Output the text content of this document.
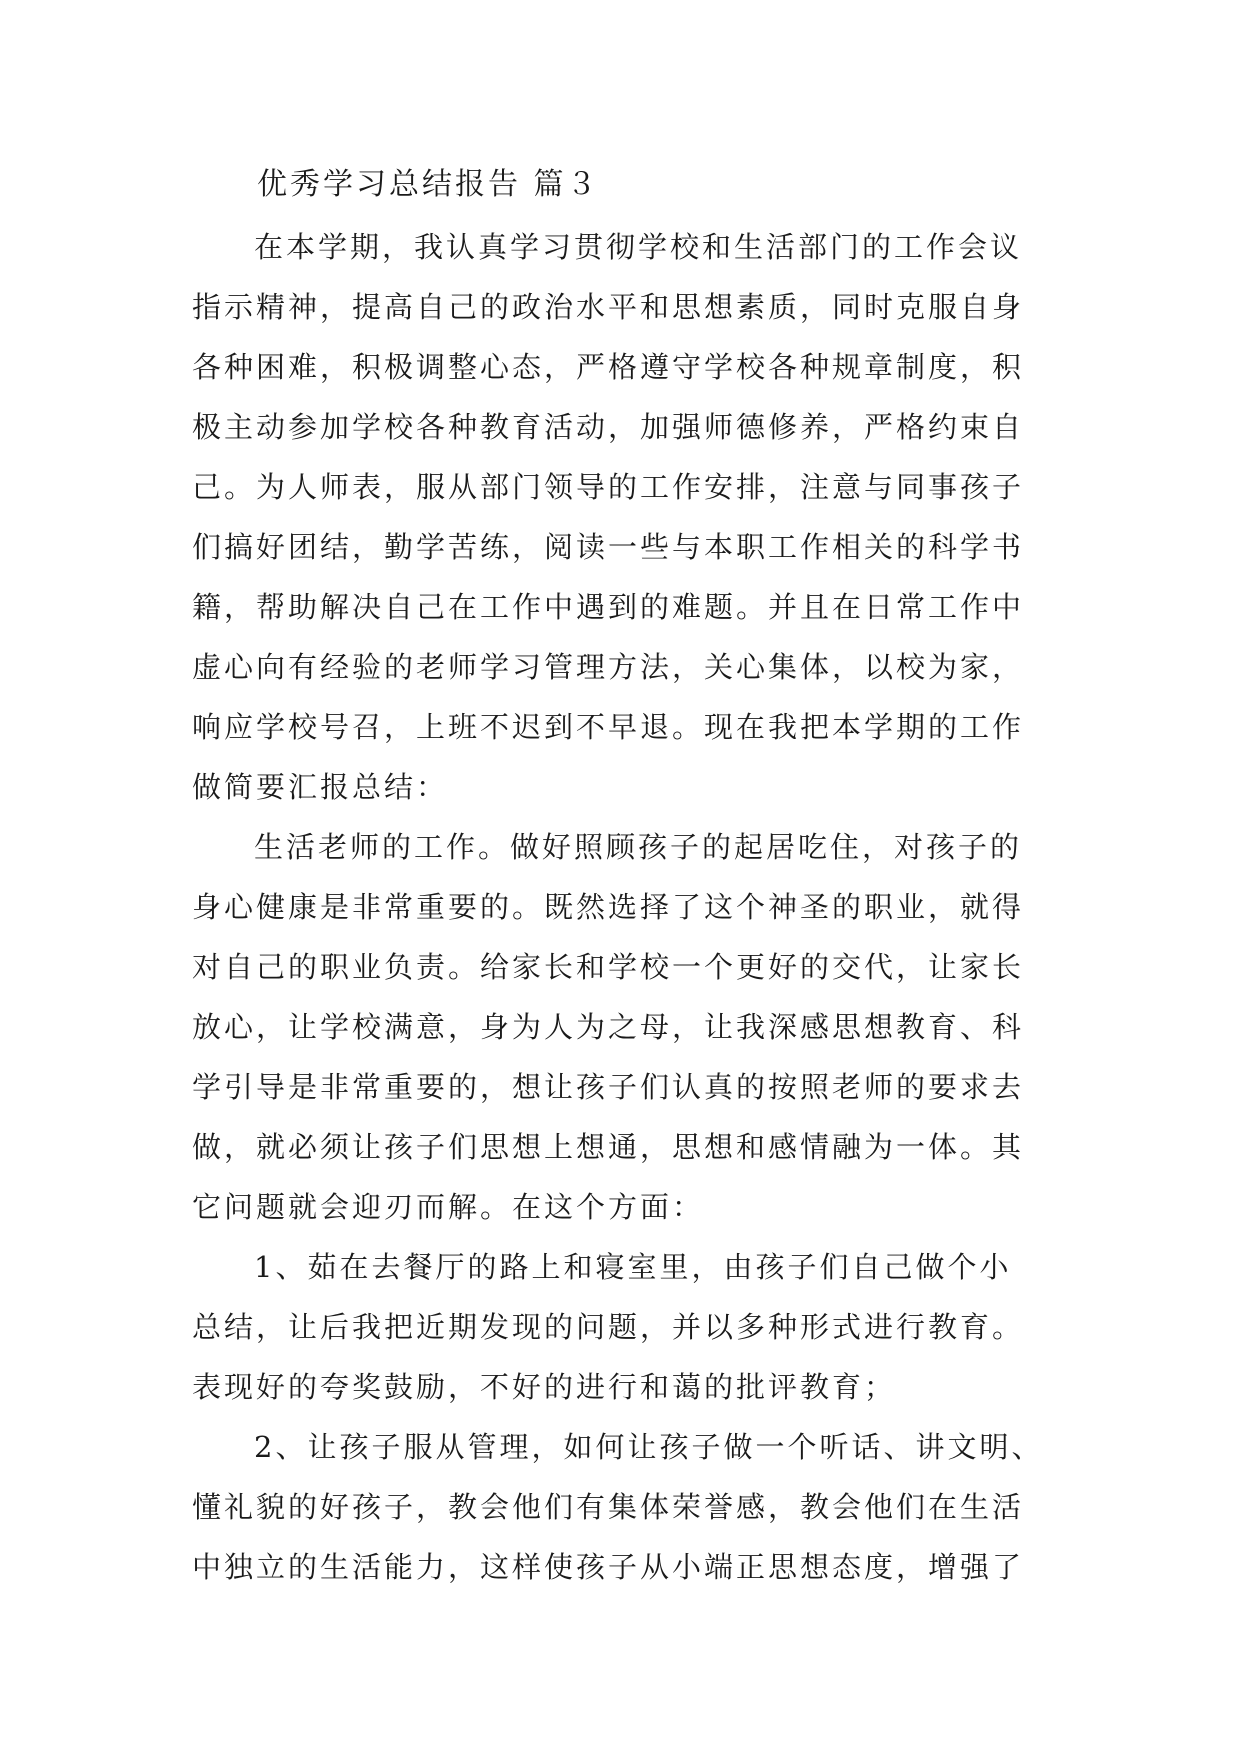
优秀学习总结报告 篇３
在本学期，我认真学习贯彻学校和生活部门的工作会议
指示精神，提高自己的政治水平和思想素质，同时克服自身
各种困难，积极调整心态，严格遵守学校各种规章制度，积
极主动参加学校各种教育活动，加强师德修养，严格约束自
己。为人师表，服从部门领导的工作安排，注意与同事孩子
们搞好团结，勤学苦练，阅读一些与本职工作相关的科学书
籍，帮助解决自己在工作中遇到的难题。并且在日常工作中
虚心向有经验的老师学习管理方法，关心集体，以校为家，
响应学校号召，上班不迟到不早退。现在我把本学期的工作
做简要汇报总结：
生活老师的工作。做好照顾孩子的起居吃住，对孩子的
身心健康是非常重要的。既然选择了这个神圣的职业，就得
对自己的职业负责。给家长和学校一个更好的交代，让家长
放心，让学校满意，身为人为之母，让我深感思想教育、科
学引导是非常重要的，想让孩子们认真的按照老师的要求去
做，就必须让孩子们思想上想通，思想和感情融为一体。其
它问题就会迎刃而解。在这个方面：
1、茹在去餐厅的路上和寝室里，由孩子们自己做个小
总结，让后我把近期发现的问题，并以多种形式进行教育。
表现好的夸奖鼓励，不好的进行和蔼的批评教育；
2、让孩子服从管理，如何让孩子做一个听话、讲文明、
懂礼貌的好孩子，教会他们有集体荣誉感，教会他们在生活
中独立的生活能力，这样使孩子从小端正思想态度，增强了
